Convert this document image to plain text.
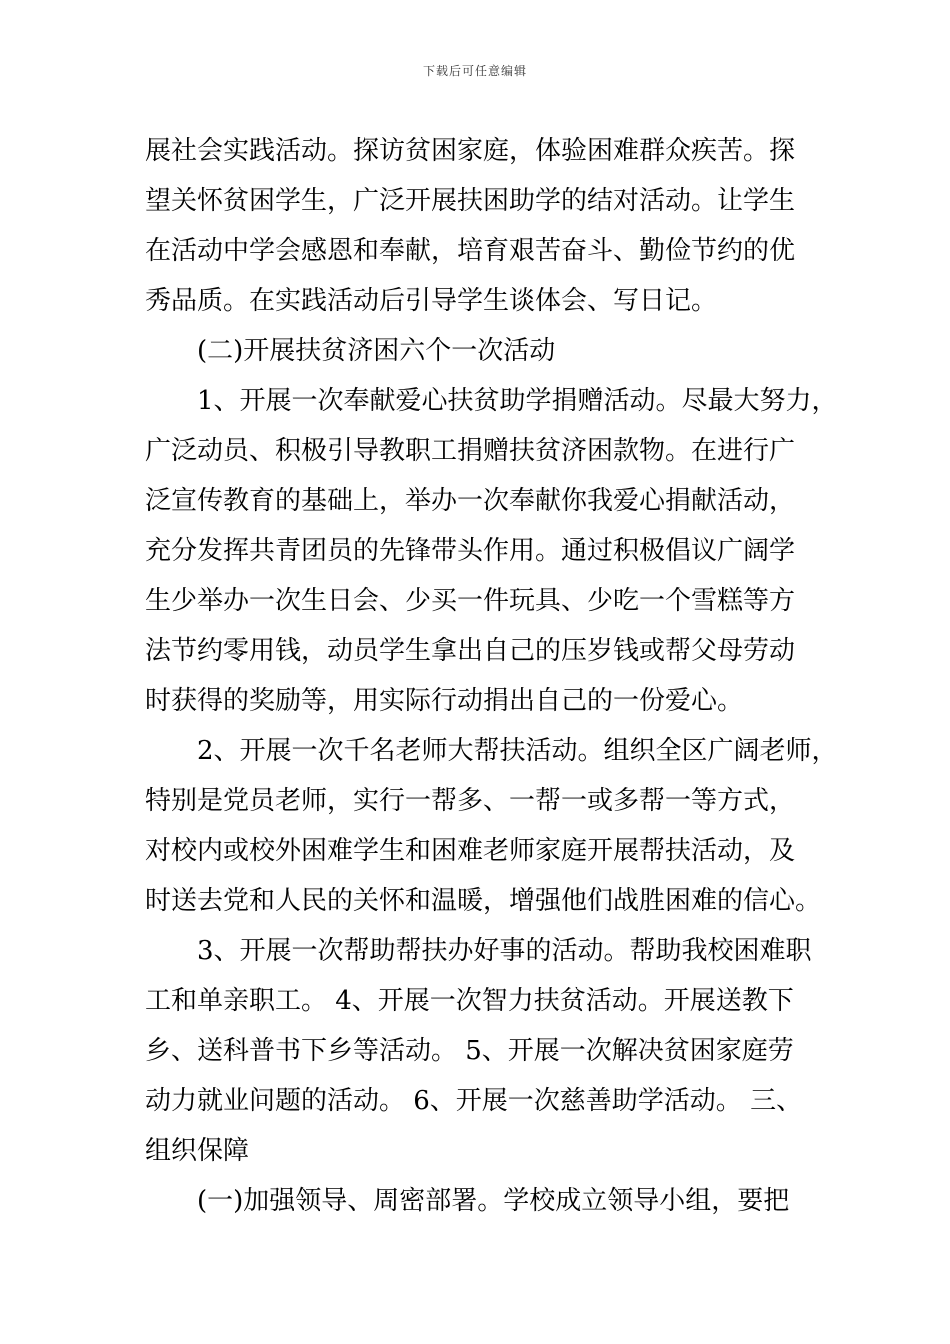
下载后可任意编辑
展社会实践活动。探访贫困家庭，体验困难群众疾苦。探
望关怀贫困学生，广泛开展扶困助学的结对活动。让学生
在活动中学会感恩和奉献，培育艰苦奋斗、勤俭节约的优
秀品质。在实践活动后引导学生谈体会、写日记。
(二)开展扶贫济困六个一次活动
1、开展一次奉献爱心扶贫助学捐赠活动。尽最大努力，
广泛动员、积极引导教职工捐赠扶贫济困款物。在进行广
泛宣传教育的基础上，举办一次奉献你我爱心捐献活动，
充分发挥共青团员的先锋带头作用。通过积极倡议广阔学
生少举办一次生日会、少买一件玩具、少吃一个雪糕等方
法节约零用钱，动员学生拿出自己的压岁钱或帮父母劳动
时获得的奖励等，用实际行动捐出自己的一份爱心。
2、开展一次千名老师大帮扶活动。组织全区广阔老师，
特别是党员老师，实行一帮多、一帮一或多帮一等方式，
对校内或校外困难学生和困难老师家庭开展帮扶活动，及
时送去党和人民的关怀和温暖，增强他们战胜困难的信心。
3、开展一次帮助帮扶办好事的活动。帮助我校困难职
工和单亲职工。 4、开展一次智力扶贫活动。开展送教下
乡、送科普书下乡等活动。 5、开展一次解决贫困家庭劳
动力就业问题的活动。 6、开展一次慈善助学活动。 三、
组织保障
(一)加强领导、周密部署。学校成立领导小组，要把
